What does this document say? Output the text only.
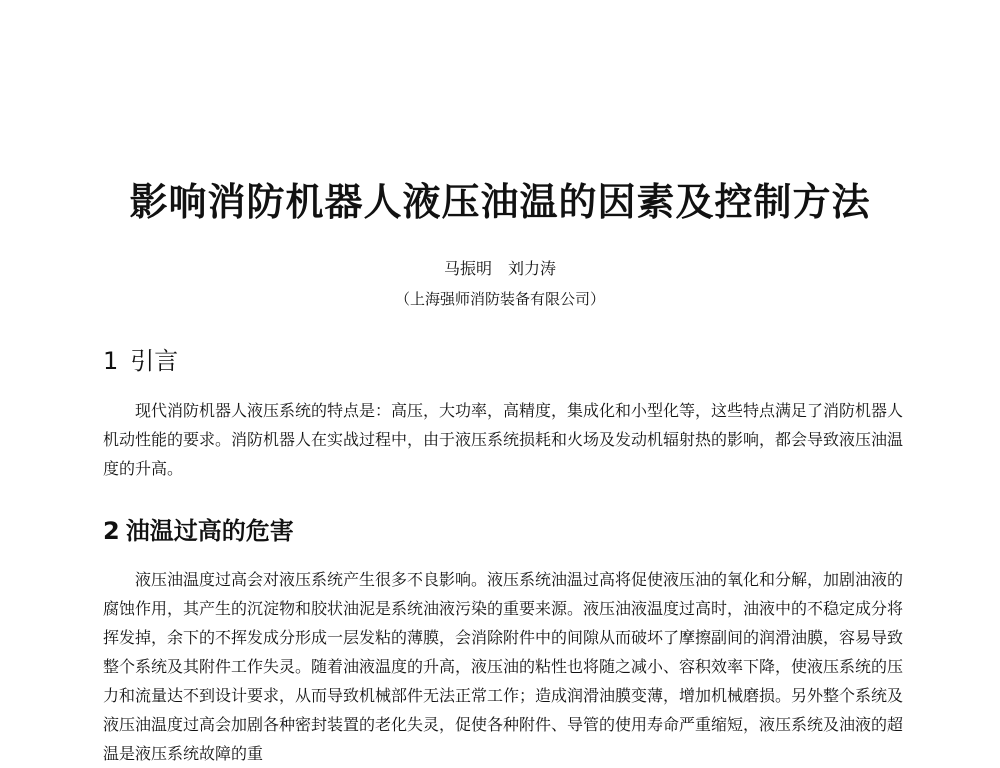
影响消防机器人液压油温的因素及控制方法
马振明　刘力涛
（上海强师消防装备有限公司）
1 引言

现代消防机器人液压系统的特点是：高压，大功率，高精度，集成化和小型化等，这些特点满足了消防机器人机动性能的要求。消防机器人在实战过程中，由于液压系统损耗和火场及发动机辐射热的影响，都会导致液压油温度的升高。

2 油温过高的危害

液压油温度过高会对液压系统产生很多不良影响。液压系统油温过高将促使液压油的氧化和分解，加剧油液的腐蚀作用，其产生的沉淀物和胶状油泥是系统油液污染的重要来源。液压油液温度过高时，油液中的不稳定成分将挥发掉，余下的不挥发成分形成一层发粘的薄膜，会消除附件中的间隙从而破坏了摩擦副间的润滑油膜，容易导致整个系统及其附件工作失灵。随着油液温度的升高，液压油的粘性也将随之减小、容积效率下降，使液压系统的压力和流量达不到设计要求，从而导致机械部件无法正常工作；造成润滑油膜变薄，增加机械磨损。另外整个系统及液压油温度过高会加剧各种密封装置的老化失灵，促使各种附件、导管的使用寿命严重缩短，液压系统及油液的超温是液压系统故障的重
